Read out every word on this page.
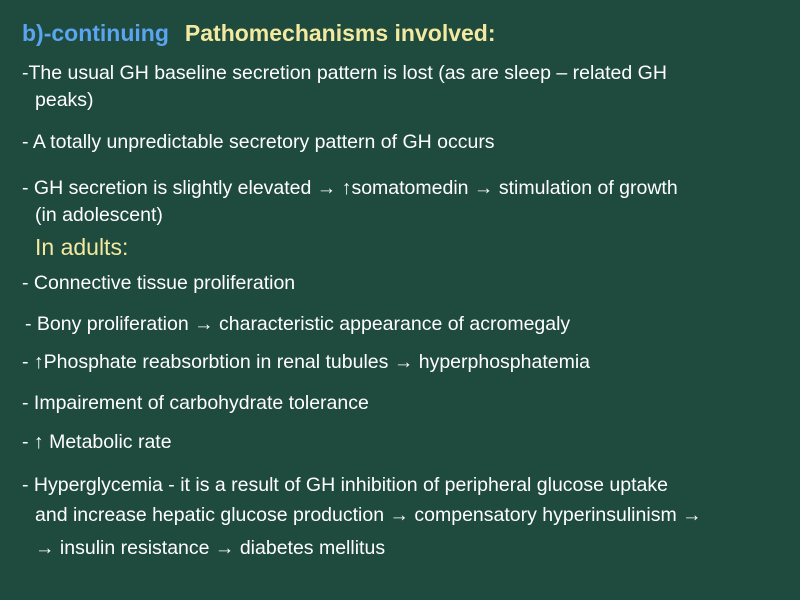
b)-continuing Pathomechanisms involved:
-The usual GH baseline secretion pattern is lost (as are sleep – related GH
peaks)
- A totally unpredictable secretory pattern of GH occurs
- GH secretion is slightly elevated → ↑somatomedin → stimulation of growth
(in adolescent)
In adults:
- Connective tissue proliferation
- Bony proliferation → characteristic appearance of acromegaly
- ↑Phosphate reabsorbtion in renal tubules → hyperphosphatemia
- Impairement of carbohydrate tolerance
- ↑ Metabolic rate
- Hyperglycemia - it is a result of GH inhibition of peripheral glucose uptake
and increase hepatic glucose production → compensatory hyperinsulinism →
→ insulin resistance → diabetes mellitus
